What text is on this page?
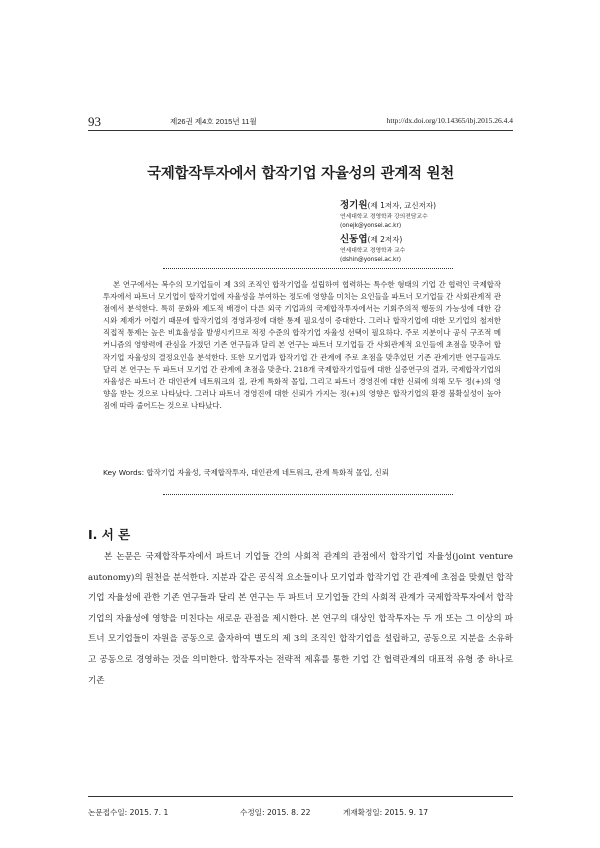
93	제26권 제4호 2015년 11월	http://dx.doi.org/10.14365/ibj.2015.26.4.4
국제합작투자에서 합작기업 자율성의 관계적 원천
정기원(제 1저자, 교신저자)
연세대학교 경영학과 강의전담교수
(onejk@yonsei.ac.kr)
신동엽(제 2저자)
연세대학교 경영학과 교수
(dshin@yonsei.ac.kr)

본 연구에서는 복수의 모기업들이 제 3의 조직인 합작기업을 설립하여 협력하는 특수한 형태의 기업 간 협력인 국제합작투자에서 파트너 모기업이 합작기업에 자율성을 부여하는 정도에 영향을 미치는 요인들을 파트너 모기업들 간 사회관계적 관점에서 분석한다. 특히 문화와 제도적 배경이 다른 외국 기업과의 국제합작투자에서는 기회주의적 행동의 가능성에 대한 감시와 제재가 어렵기 때문에 합작기업의 경영과정에 대한 통제 필요성이 증대한다. 그러나 합작기업에 대한 모기업의 철저한 직접적 통제는 높은 비효율성을 발생시키므로 적정 수준의 합작기업 자율성 선택이 필요하다. 주로 지분이나 공식 구조적 메커니즘의 영향력에 관심을 가졌던 기존 연구들과 달리 본 연구는 파트너 모기업들 간 사회관계적 요인들에 초점을 맞추어 합작기업 자율성의 결정요인을 분석한다. 또한 모기업과 합작기업 간 관계에 주로 초점을 맞추었던 기존 관계기반 연구들과도 달리 본 연구는 두 파트너 모기업 간 관계에 초점을 맞춘다. 218개 국제합작기업들에 대한 실증연구의 결과, 국제합작기업의 자율성은 파트너 간 대인관계 네트워크의 질, 관계 특화적 몰입, 그리고 파트너 경영진에 대한 신뢰에 의해 모두 정(+)의 영향을 받는 것으로 나타났다. 그러나 파트너 경영진에 대한 신뢰가 가지는 정(+)의 영향은 합작기업의 환경 불확실성이 높아짐에 따라 줄어드는 것으로 나타났다.

Key Words: 합작기업 자율성, 국제합작투자, 대인관계 네트워크, 관계 특화적 몰입, 신뢰
Ⅰ. 서 론

본 논문은 국제합작투자에서 파트너 기업들 간의 사회적 관계의 관점에서 합작기업 자율성(joint venture autonomy)의 원천을 분석한다. 지분과 같은 공식적 요소들이나 모기업과 합작기업 간 관계에 초점을 맞췄던 합작기업 자율성에 관한 기존 연구들과 달리 본 연구는 두 파트너 모기업들 간의 사회적 관계가 국제합작투자에서 합작기업의 자율성에 영향을 미친다는 새로운 관점을 제시한다. 본 연구의 대상인 합작투자는 두 개 또는 그 이상의 파트너 모기업들이 자원을 공동으로 출자하여 별도의 제 3의 조직인 합작기업을 설립하고, 공동으로 지분을 소유하고 공동으로 경영하는 것을 의미한다. 합작투자는 전략적 제휴를 통한 기업 간 협력관계의 대표적 유형 중 하나로 기존

논문접수일: 2015. 7. 1	수정일: 2015. 8. 22	게재확정일: 2015. 9. 17
